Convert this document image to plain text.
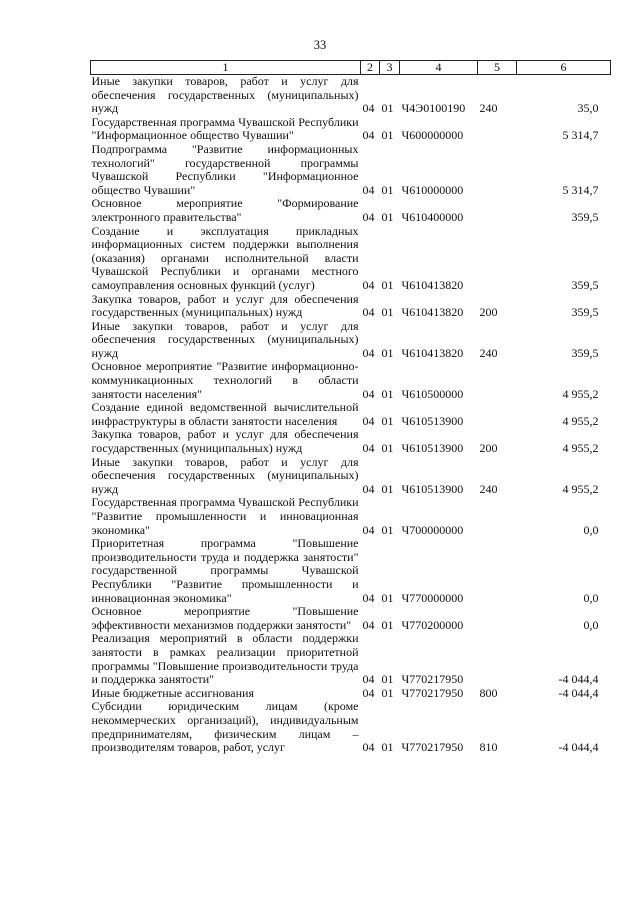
33
1	2	3	4	5	6
Иные закупки товаров, работ и услуг для обеспечения государственных (муниципальных) нужд	04	01	Ч4Э0100190	240	35,0
Государственная программа Чувашской Республики "Информационное общество Чувашии"	04	01	Ч600000000		5 314,7
Подпрограмма "Развитие информационных технологий" государственной программы Чувашской Республики "Информационное общество Чувашии"	04	01	Ч610000000		5 314,7
Основное мероприятие "Формирование электронного правительства"	04	01	Ч610400000		359,5
Создание и эксплуатация прикладных информационных систем поддержки выполнения (оказания) органами исполнительной власти Чувашской Республики и органами местного самоуправления основных функций (услуг)	04	01	Ч610413820		359,5
Закупка товаров, работ и услуг для обеспечения государственных (муниципальных) нужд	04	01	Ч610413820	200	359,5
Иные закупки товаров, работ и услуг для обеспечения государственных (муниципальных) нужд	04	01	Ч610413820	240	359,5
Основное мероприятие "Развитие информационно-коммуникационных технологий в области занятости населения"	04	01	Ч610500000		4 955,2
Создание единой ведомственной вычислительной инфраструктуры в области занятости населения	04	01	Ч610513900		4 955,2
Закупка товаров, работ и услуг для обеспечения государственных (муниципальных) нужд	04	01	Ч610513900	200	4 955,2
Иные закупки товаров, работ и услуг для обеспечения государственных (муниципальных) нужд	04	01	Ч610513900	240	4 955,2
Государственная программа Чувашской Республики "Развитие промышленности и инновационная экономика"	04	01	Ч700000000		0,0
Приоритетная программа "Повышение производительности труда и поддержка занятости" государственной программы Чувашской Республики "Развитие промышленности и инновационная экономика"	04	01	Ч770000000		0,0
Основное мероприятие "Повышение эффективности механизмов поддержки занятости"	04	01	Ч770200000		0,0
Реализация мероприятий в области поддержки занятости в рамках реализации приоритетной программы "Повышение производительности труда и поддержка занятости"	04	01	Ч770217950		-4 044,4
Иные бюджетные ассигнования	04	01	Ч770217950	800	-4 044,4
Субсидии юридическим лицам (кроме некоммерческих организаций), индивидуальным предпринимателям, физическим лицам – производителям товаров, работ, услуг	04	01	Ч770217950	810	-4 044,4
